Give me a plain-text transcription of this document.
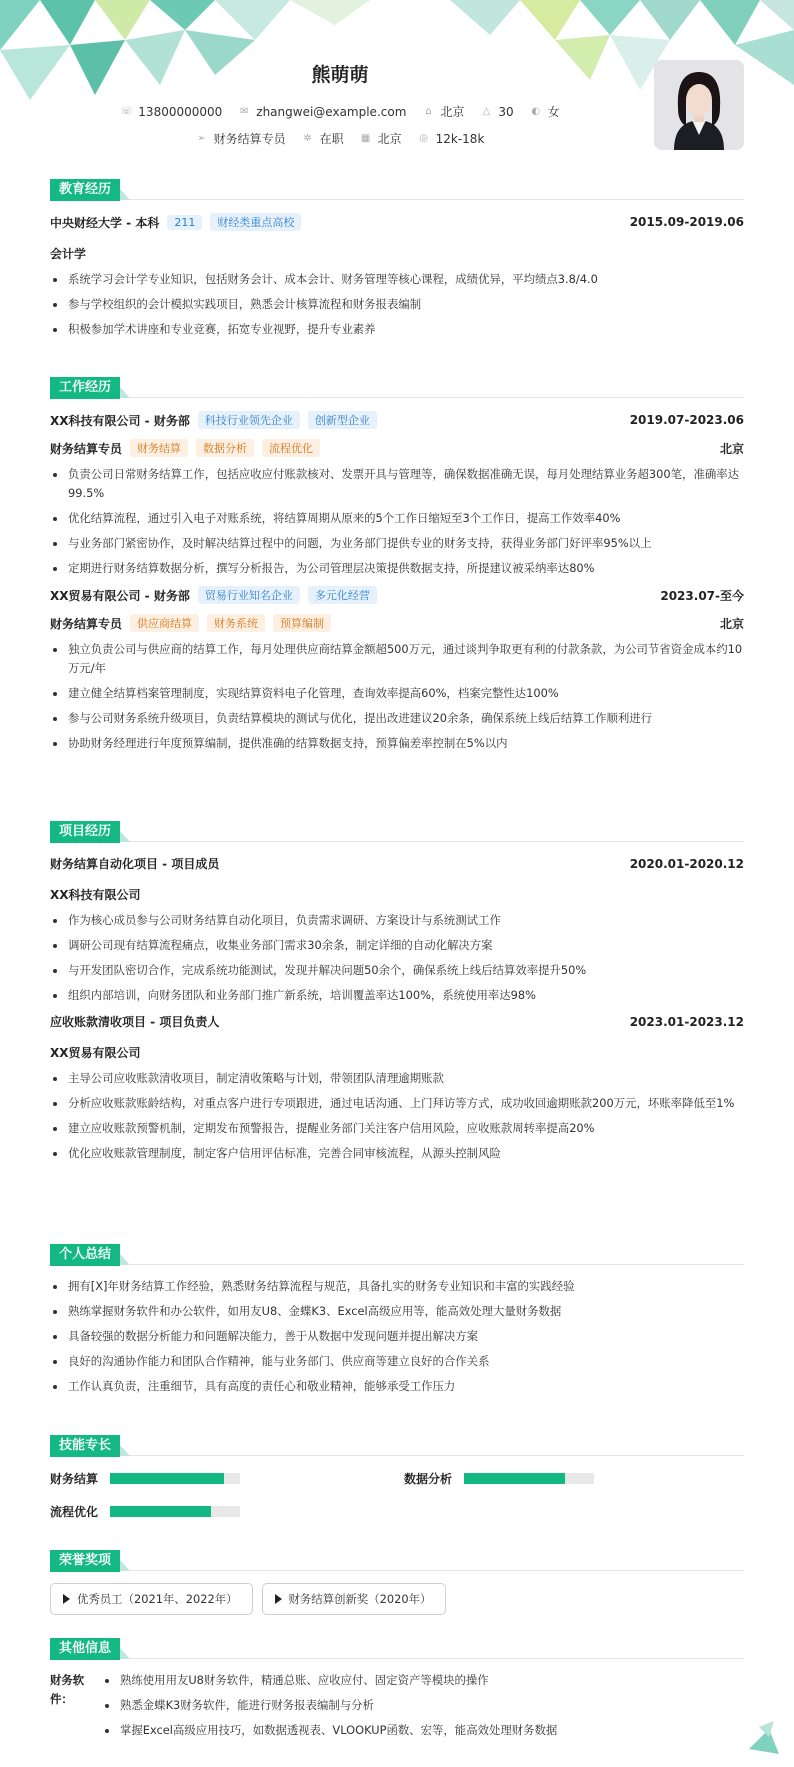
熊萌萌
☏ 13800000000 ✉ zhangwei@example.com ⌂ 北京 △ 30 ◐ 女
➢ 财务结算专员 ✲ 在职 ▦ 北京 ◎ 12k-18k
教育经历
中央财经大学 - 本科	211	财经类重点高校	2015.09-2019.06
会计学
系统学习会计学专业知识，包括财务会计、成本会计、财务管理等核心课程，成绩优异，平均绩点3.8/4.0
参与学校组织的会计模拟实践项目，熟悉会计核算流程和财务报表编制
积极参加学术讲座和专业竞赛，拓宽专业视野，提升专业素养
工作经历
XX科技有限公司 - 财务部	科技行业领先企业	创新型企业	2019.07-2023.06
财务结算专员	财务结算	数据分析	流程优化	北京
负责公司日常财务结算工作，包括应收应付账款核对、发票开具与管理等，确保数据准确无误，每月处理结算业务超300笔，准确率达99.5%
优化结算流程，通过引入电子对账系统，将结算周期从原来的5个工作日缩短至3个工作日，提高工作效率40%
与业务部门紧密协作，及时解决结算过程中的问题，为业务部门提供专业的财务支持，获得业务部门好评率95%以上
定期进行财务结算数据分析，撰写分析报告，为公司管理层决策提供数据支持，所提建议被采纳率达80%
XX贸易有限公司 - 财务部	贸易行业知名企业	多元化经营	2023.07-至今
财务结算专员	供应商结算	财务系统	预算编制	北京
独立负责公司与供应商的结算工作，每月处理供应商结算金额超500万元，通过谈判争取更有利的付款条款，为公司节省资金成本约10万元/年
建立健全结算档案管理制度，实现结算资料电子化管理，查询效率提高60%，档案完整性达100%
参与公司财务系统升级项目，负责结算模块的测试与优化，提出改进建议20余条，确保系统上线后结算工作顺利进行
协助财务经理进行年度预算编制，提供准确的结算数据支持，预算偏差率控制在5%以内
项目经历
财务结算自动化项目 - 项目成员	2020.01-2020.12
XX科技有限公司
作为核心成员参与公司财务结算自动化项目，负责需求调研、方案设计与系统测试工作
调研公司现有结算流程痛点，收集业务部门需求30余条，制定详细的自动化解决方案
与开发团队密切合作，完成系统功能测试，发现并解决问题50余个，确保系统上线后结算效率提升50%
组织内部培训，向财务团队和业务部门推广新系统，培训覆盖率达100%，系统使用率达98%
应收账款清收项目 - 项目负责人	2023.01-2023.12
XX贸易有限公司
主导公司应收账款清收项目，制定清收策略与计划，带领团队清理逾期账款
分析应收账款账龄结构，对重点客户进行专项跟进，通过电话沟通、上门拜访等方式，成功收回逾期账款200万元，坏账率降低至1%
建立应收账款预警机制，定期发布预警报告，提醒业务部门关注客户信用风险，应收账款周转率提高20%
优化应收账款管理制度，制定客户信用评估标准，完善合同审核流程，从源头控制风险
个人总结
拥有[X]年财务结算工作经验，熟悉财务结算流程与规范，具备扎实的财务专业知识和丰富的实践经验
熟练掌握财务软件和办公软件，如用友U8、金蝶K3、Excel高级应用等，能高效处理大量财务数据
具备较强的数据分析能力和问题解决能力，善于从数据中发现问题并提出解决方案
良好的沟通协作能力和团队合作精神，能与业务部门、供应商等建立良好的合作关系
工作认真负责，注重细节，具有高度的责任心和敬业精神，能够承受工作压力
技能专长
财务结算	数据分析
流程优化
荣誉奖项
优秀员工（2021年、2022年）	财务结算创新奖（2020年）
其他信息
财务软件：
熟练使用用友U8财务软件，精通总账、应收应付、固定资产等模块的操作
熟悉金蝶K3财务软件，能进行财务报表编制与分析
掌握Excel高级应用技巧，如数据透视表、VLOOKUP函数、宏等，能高效处理财务数据
